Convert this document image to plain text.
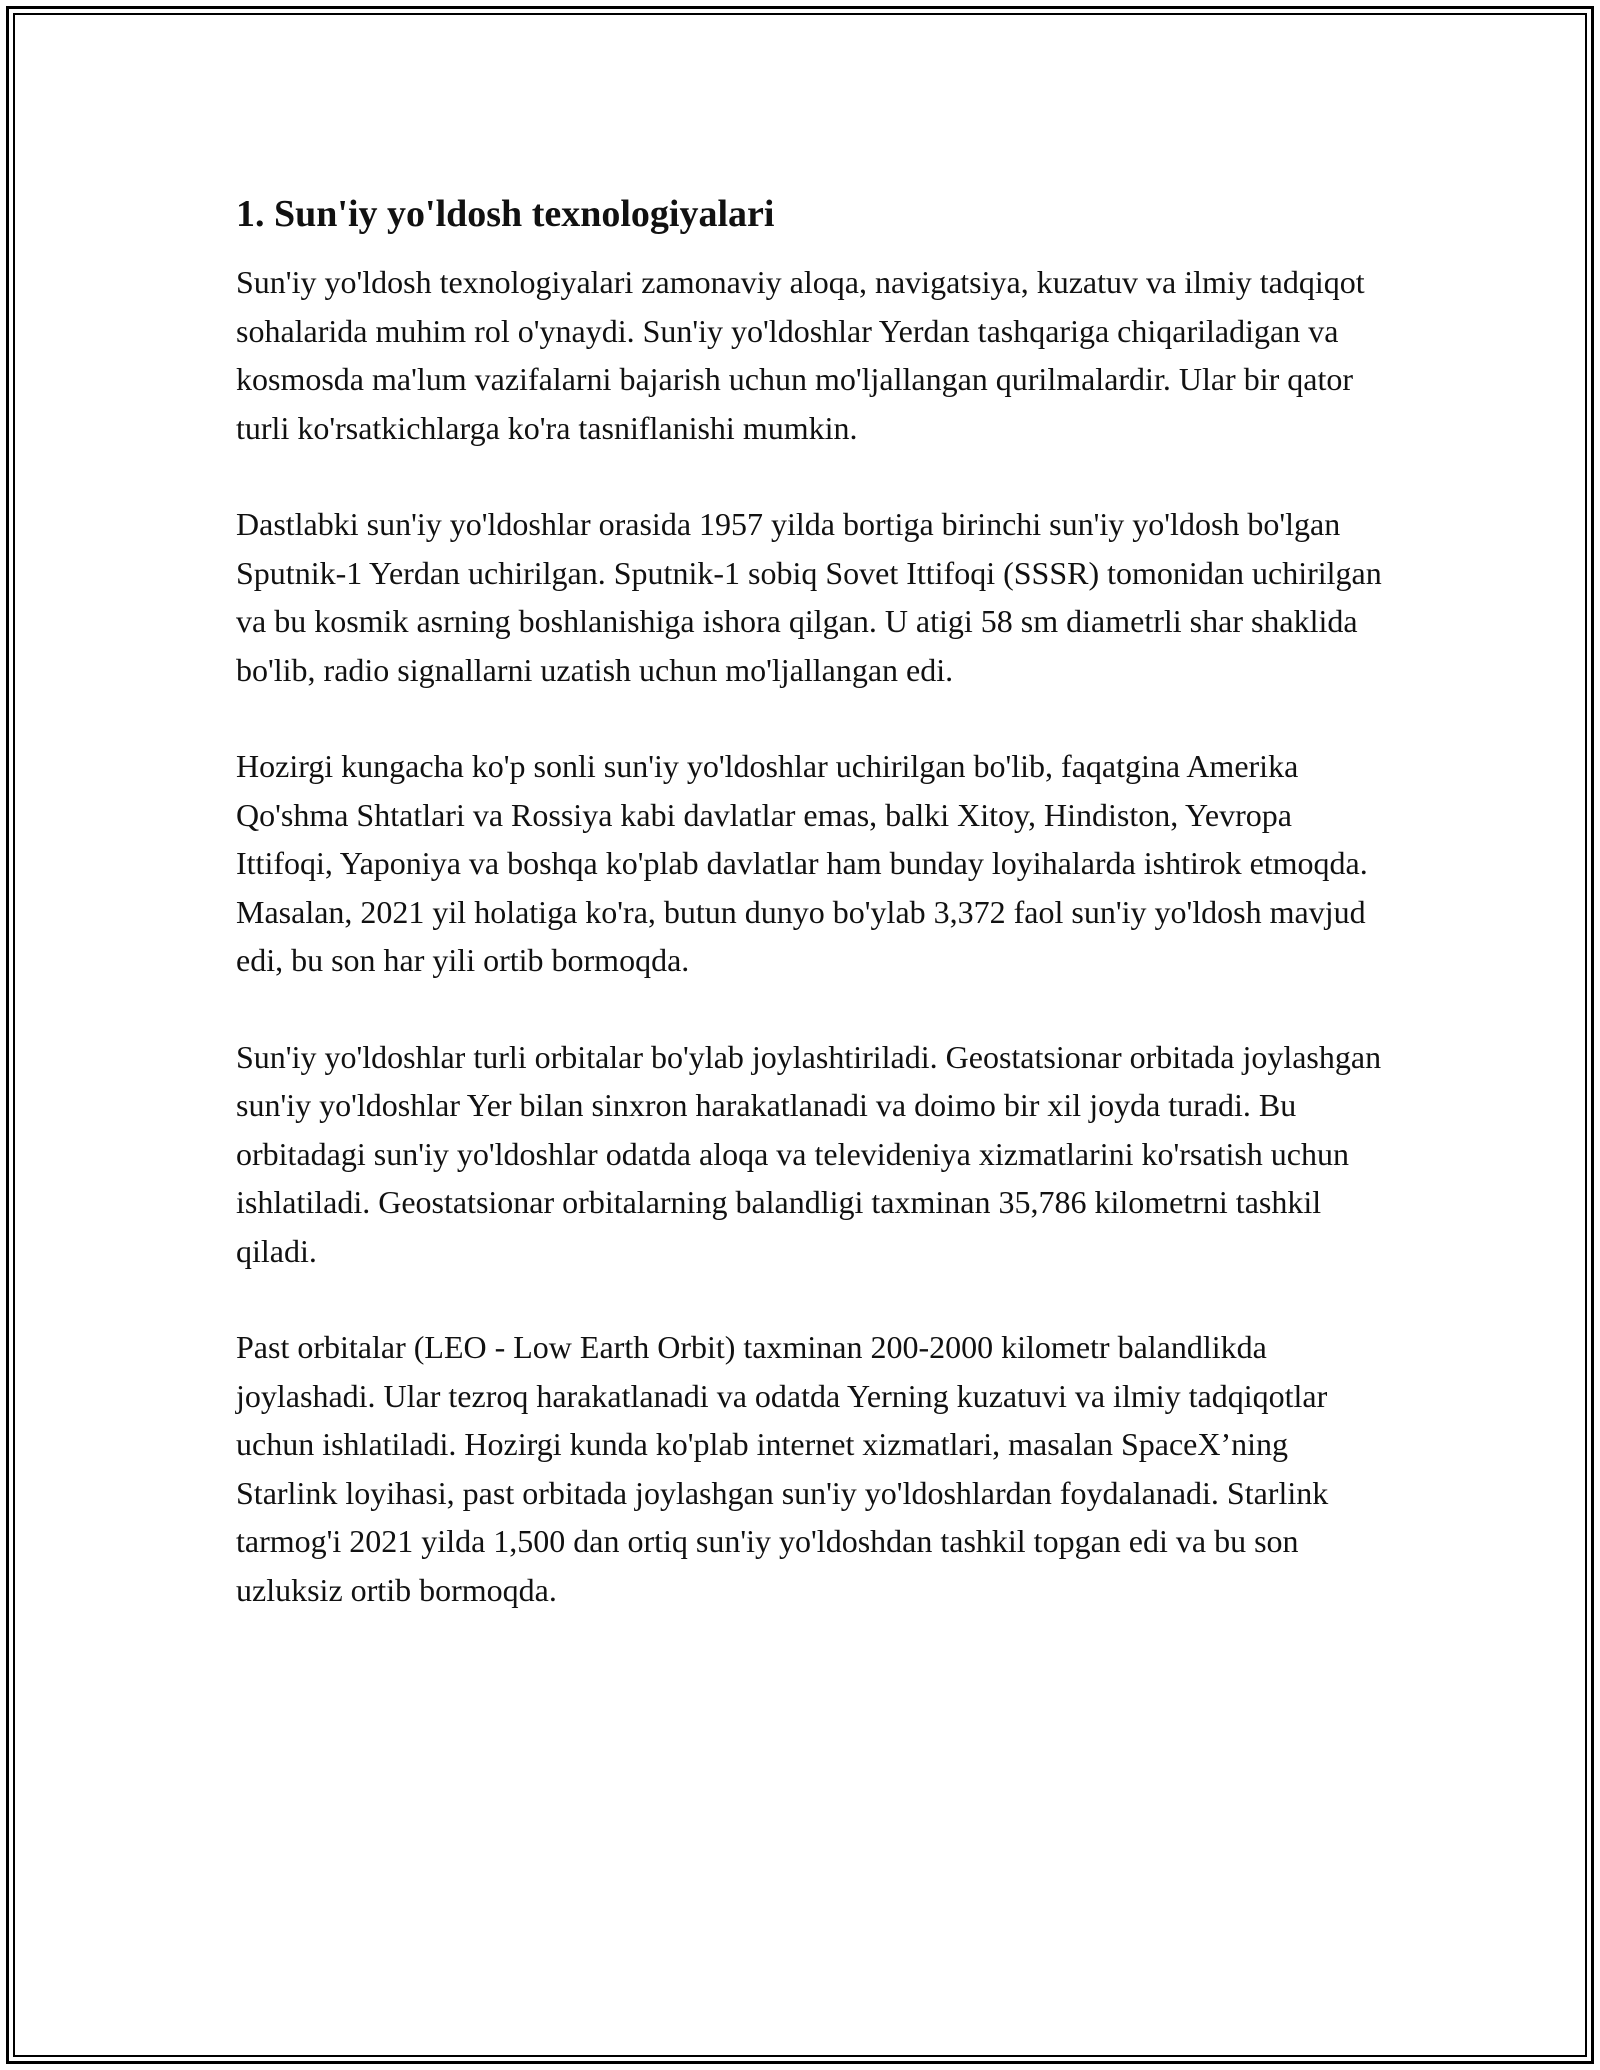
1. Sun'iy yo'ldosh texnologiyalari

Sun'iy yo'ldosh texnologiyalari zamonaviy aloqa, navigatsiya, kuzatuv va ilmiy tadqiqot sohalarida muhim rol o'ynaydi. Sun'iy yo'ldoshlar Yerdan tashqariga chiqariladigan va kosmosda ma'lum vazifalarni bajarish uchun mo'ljallangan qurilmalardir. Ular bir qator turli ko'rsatkichlarga ko'ra tasniflanishi mumkin.

Dastlabki sun'iy yo'ldoshlar orasida 1957 yilda bortiga birinchi sun'iy yo'ldosh bo'lgan Sputnik-1 Yerdan uchirilgan. Sputnik-1 sobiq Sovet Ittifoqi (SSSR) tomonidan uchirilgan va bu kosmik asrning boshlanishiga ishora qilgan. U atigi 58 sm diametrli shar shaklida bo'lib, radio signallarni uzatish uchun mo'ljallangan edi.

Hozirgi kungacha ko'p sonli sun'iy yo'ldoshlar uchirilgan bo'lib, faqatgina Amerika Qo'shma Shtatlari va Rossiya kabi davlatlar emas, balki Xitoy, Hindiston, Yevropa Ittifoqi, Yaponiya va boshqa ko'plab davlatlar ham bunday loyihalarda ishtirok etmoqda. Masalan, 2021 yil holatiga ko'ra, butun dunyo bo'ylab 3,372 faol sun'iy yo'ldosh mavjud edi, bu son har yili ortib bormoqda.

Sun'iy yo'ldoshlar turli orbitalar bo'ylab joylashtiriladi. Geostatsionar orbitada joylashgan sun'iy yo'ldoshlar Yer bilan sinxron harakatlanadi va doimo bir xil joyda turadi. Bu orbitadagi sun'iy yo'ldoshlar odatda aloqa va televideniya xizmatlarini ko'rsatish uchun ishlatiladi. Geostatsionar orbitalarning balandligi taxminan 35,786 kilometrni tashkil qiladi.

Past orbitalar (LEO - Low Earth Orbit) taxminan 200-2000 kilometr balandlikda joylashadi. Ular tezroq harakatlanadi va odatda Yerning kuzatuvi va ilmiy tadqiqotlar uchun ishlatiladi. Hozirgi kunda ko'plab internet xizmatlari, masalan SpaceX’ning Starlink loyihasi, past orbitada joylashgan sun'iy yo'ldoshlardan foydalanadi. Starlink tarmog'i 2021 yilda 1,500 dan ortiq sun'iy yo'ldoshdan tashkil topgan edi va bu son uzluksiz ortib bormoqda.
